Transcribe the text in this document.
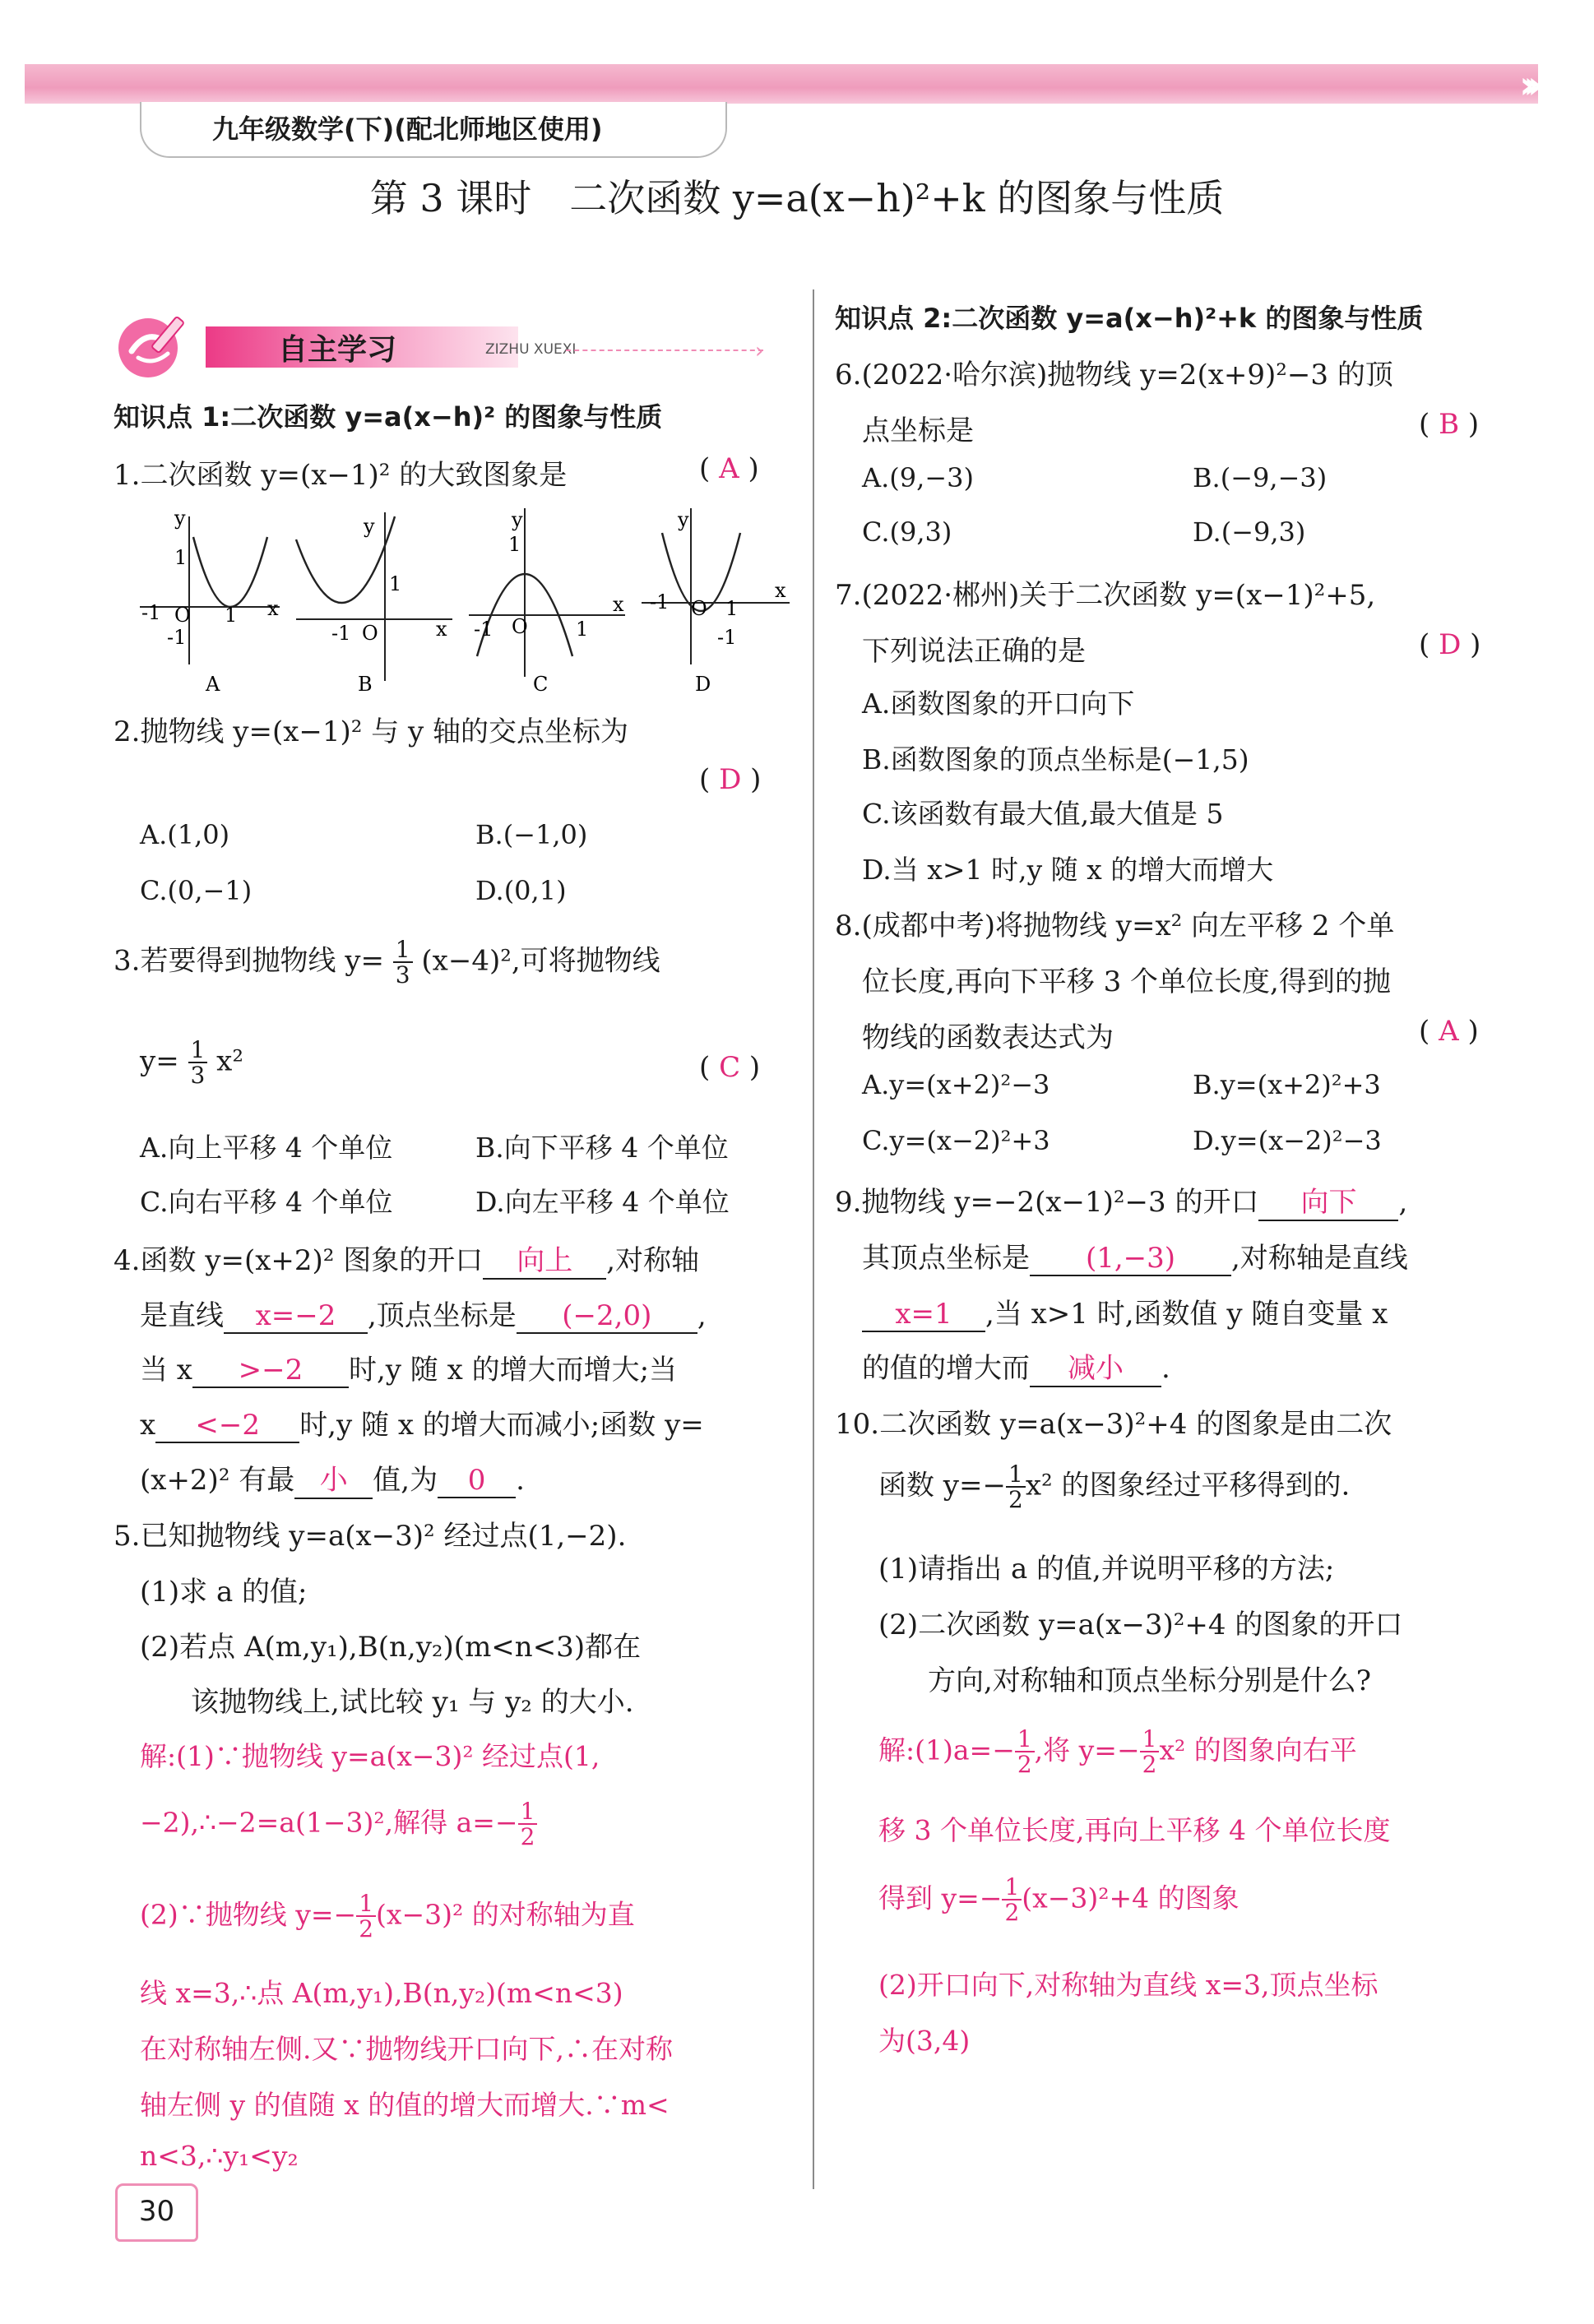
›››
九年级数学(下)(配北师地区使用)
第 3 课时　二次函数 y=a(x−h)²+k 的图象与性质
自主学习	ZIZHU XUEXI	›
知识点 1:二次函数 y=a(x−h)² 的图象与性质
1.二次函数 y=(x−1)² 的大致图象是	( A )
y
x
1
-1 O 1
-1
A
y
x
1
-1 O
B
y
x
1
-1 O 1
C
y
x
-1 O 1
-1
D
2.抛物线 y=(x−1)² 与 y 轴的交点坐标为
( D )
A.(1,0)	B.(−1,0)
C.(0,−1)	D.(0,1)
3.若要得到抛物线 $y= \frac{1}{3} (x-4)^2$,可将抛物线
$y= \frac{1}{3} x^2$	( C )
A.向上平移 4 个单位	B.向下平移 4 个单位
C.向右平移 4 个单位	D.向左平移 4 个单位
4.函数 y=(x+2)² 图象的开口 向上 ,对称轴
是直线 x=−2 ,顶点坐标是 (−2,0) ,
当 x >−2 时,y 随 x 的增大而增大;当
x <−2 时,y 随 x 的增大而减小;函数 y=
(x+2)² 有最 小 值,为 0 .
5.已知抛物线 y=a(x−3)² 经过点(1,−2).
(1)求 a 的值;
(2)若点 A(m,y₁),B(n,y₂)(m<n<3)都在
该抛物线上,试比较 y₁ 与 y₂ 的大小.
解:(1)∵抛物线 y=a(x−3)² 经过点(1,
−2),∴−2=a(1−3)²,解得 $a=- \frac{1}{2}$
(2)∵抛物线 $y=- \frac{1}{2} (x-3)^2$ 的对称轴为直
线 x=3,∴点 A(m,y₁),B(n,y₂)(m<n<3)
在对称轴左侧.又∵抛物线开口向下,∴在对称
轴左侧 y 的值随 x 的值的增大而增大.∵m<
n<3,∴y₁<y₂
知识点 2:二次函数 y=a(x−h)²+k 的图象与性质
6.(2022·哈尔滨)抛物线 y=2(x+9)²−3 的顶
点坐标是	( B )
A.(9,−3)	B.(−9,−3)
C.(9,3)	D.(−9,3)
7.(2022·郴州)关于二次函数 y=(x−1)²+5,
下列说法正确的是	( D )
A.函数图象的开口向下
B.函数图象的顶点坐标是(−1,5)
C.该函数有最大值,最大值是 5
D.当 x>1 时,y 随 x 的增大而增大
8.(成都中考)将抛物线 y=x² 向左平移 2 个单
位长度,再向下平移 3 个单位长度,得到的抛
物线的函数表达式为	( A )
A.y=(x+2)²−3	B.y=(x+2)²+3
C.y=(x−2)²+3	D.y=(x−2)²−3
9.抛物线 y=−2(x−1)²−3 的开口 向下 ,
其顶点坐标是 (1,−3) ,对称轴是直线
x=1 ,当 x>1 时,函数值 y 随自变量 x
的值的增大而 减小 .
10.二次函数 y=a(x−3)²+4 的图象是由二次
函数 $y=- \frac{1}{2} x^2$ 的图象经过平移得到的.
(1)请指出 a 的值,并说明平移的方法;
(2)二次函数 y=a(x−3)²+4 的图象的开口
方向,对称轴和顶点坐标分别是什么?
解:(1)a=− $\frac{1}{2}$ ,将 $y=- \frac{1}{2} x^2$ 的图象向右平
移 3 个单位长度,再向上平移 4 个单位长度
得到 $y=- \frac{1}{2} (x-3)^2+4$ 的图象
(2)开口向下,对称轴为直线 x=3,顶点坐标
为(3,4)
30
